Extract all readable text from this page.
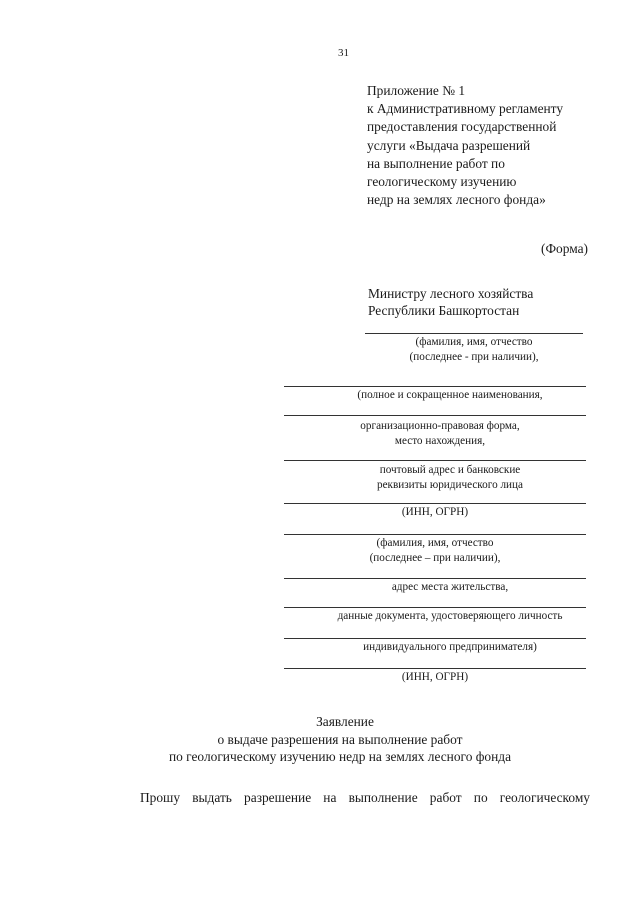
31
Приложение № 1
к Административному регламенту
предоставления государственной
услуги «Выдача разрешений
на выполнение работ по
геологическому изучению
недр на землях лесного фонда»
(Форма)
Министру лесного хозяйства
Республики Башкортостан
(фамилия, имя, отчество
(последнее - при наличии),
(полное и сокращенное наименования,
организационно-правовая форма,
место нахождения,
почтовый адрес и банковские
реквизиты юридического лица
(ИНН, ОГРН)
(фамилия, имя, отчество
(последнее – при наличии),
адрес места жительства,
данные документа, удостоверяющего личность
индивидуального предпринимателя)
(ИНН, ОГРН)
Заявление
о выдаче разрешения на выполнение работ
по геологическому изучению недр на землях лесного фонда
Прошу выдать разрешение на выполнение работ по геологическому
